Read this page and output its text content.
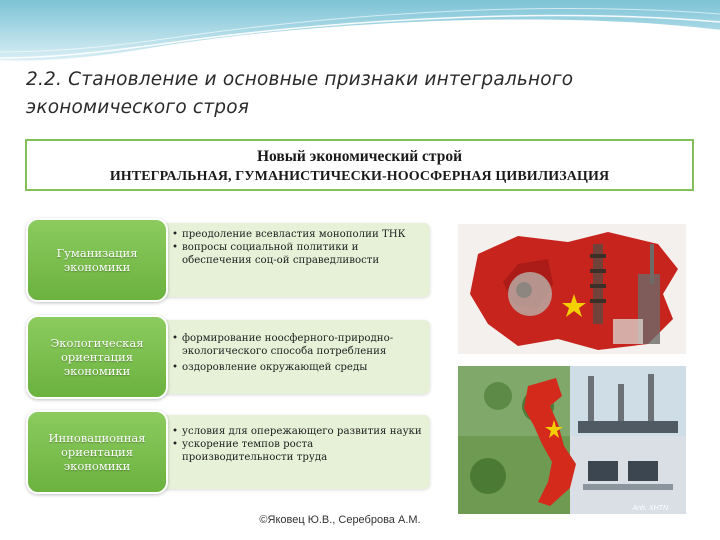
2.2. Становление и основные признаки интегрального экономического строя
Новый экономический строй
ИНТЕГРАЛЬНАЯ, ГУМАНИСТИЧЕСКИ-НООСФЕРНАЯ ЦИВИЛИЗАЦИЯ
• преодоление всевластия монополии ТНК
• вопросы социальной политики и обеспечения соц-ой справедливости
Гуманизация
экономики
• формирование ноосферного-природно-экологического способа потребления
• оздоровление окружающей среды
Экологическая
ориентация
экономики
• условия для опережающего развития науки
• ускорение темпов роста производительности труда
Инновационная
ориентация
экономики
Anh. XHTN
©Яковец Ю.В., Сереброва А.М.
